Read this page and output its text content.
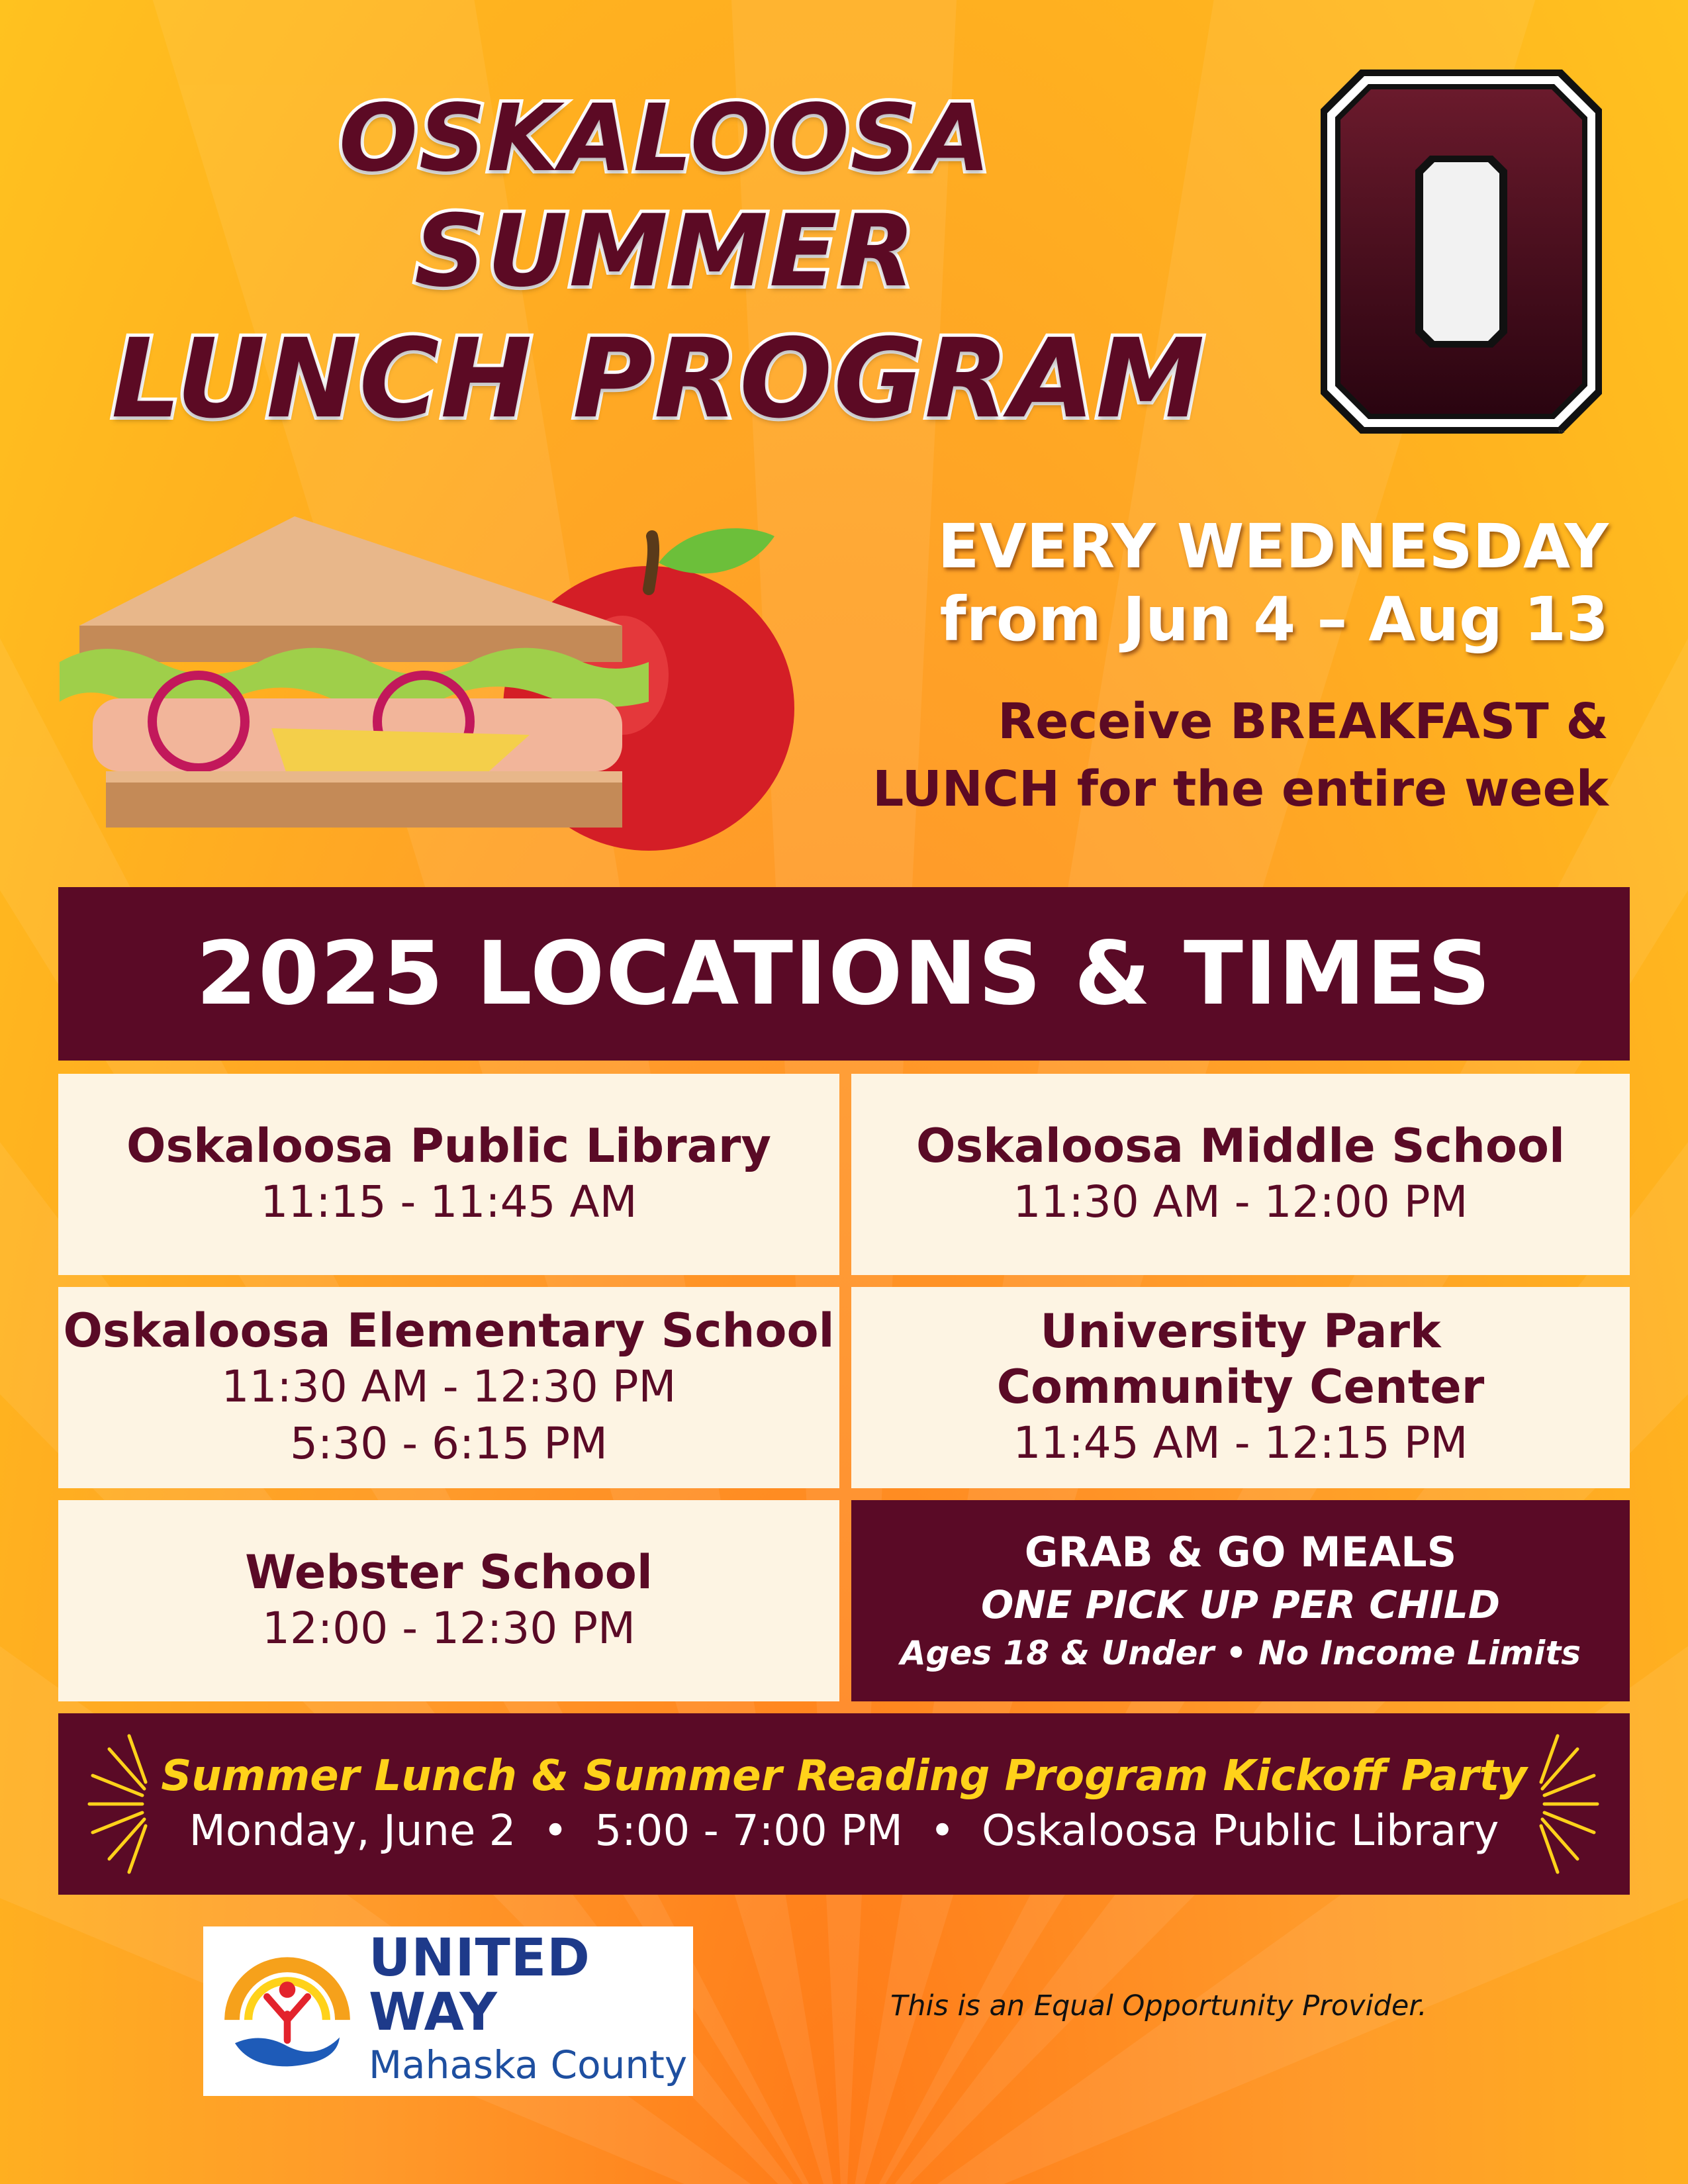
OSKALOOSA
SUMMER
LUNCH PROGRAM	™

EVERY WEDNESDAY

from Jun 4 – Aug 13

Receive BREAKFAST &

LUNCH for the entire week

2025 LOCATIONS & TIMES
Oskaloosa Public Library
11:15 - 11:45 AM
Oskaloosa Middle School
11:30 AM - 12:00 PM
Oskaloosa Elementary School
11:30 AM - 12:30 PM
5:30 - 6:15 PM
University Park
Community Center
11:45 AM - 12:15 PM
Webster School
12:00 - 12:30 PM
GRAB & GO MEALS
ONE PICK UP PER CHILD
Ages 18 & Under • No Income Limits
Summer Lunch & Summer Reading Program Kickoff Party
Monday, June 2  •  5:00 - 7:00 PM  •  Oskaloosa Public Library
UNITED WAY
Mahaska County
This is an Equal Opportunity Provider.
